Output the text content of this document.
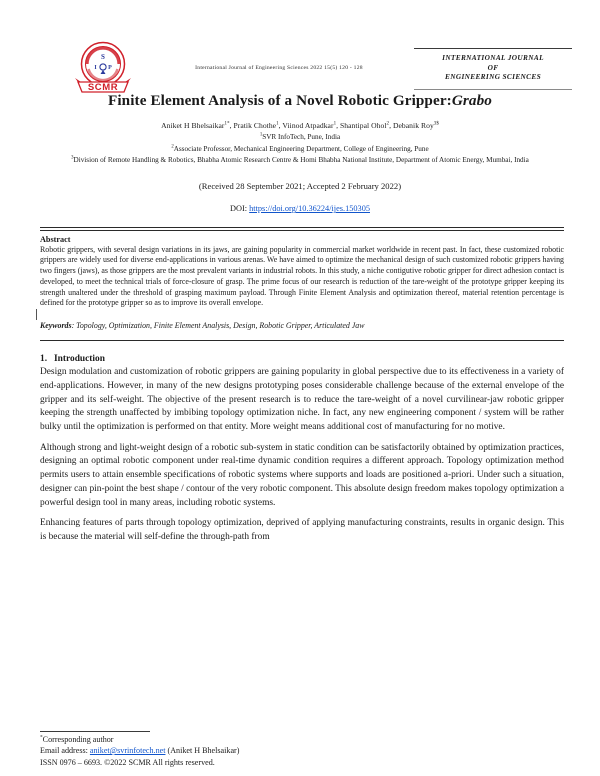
S
I P
SCMR
International Journal of Engineering Sciences 2022 15(5) 120 - 128
INTERNATIONAL JOURNAL
OF
ENGINEERING SCIENCES
Finite Element Analysis of a Novel Robotic Gripper:Grabo
Aniket H Bhelsaikar$^{1*}$, Pratik Chothe$^1$, Viinod Atpadkar$^1$, Shantipal Ohol$^2$, Debanik Roy$^{3\$}$
$^1$SVR InfoTech, Pune, India
$^2$Associate Professor, Mechanical Engineering Department, College of Engineering, Pune
$^3$Division of Remote Handling & Robotics, Bhabha Atomic Research Centre & Homi Bhabha National Institute, Department of Atomic Energy, Mumbai, India
(Received 28 September 2021; Accepted 2 February 2022)
DOI: https://doi.org/10.36224/ijes.150305
Abstract
Robotic grippers, with several design variations in its jaws, are gaining popularity in commercial market worldwide in recent past. In fact, these customized robotic grippers are widely used for diverse end-applications in various arenas. We have aimed to optimize the mechanical design of such customized robotic grippers having two fingers (jaws), as those grippers are the most prevalent variants in industrial robots. In this study, a niche contigutive robotic gripper for direct adhesion contact is developed, to meet the technical trials of force-closure of grasp. The prime focus of our research is reduction of the tare-weight of the prototype gripper keeping its strength unaltered under the threshold of grasping maximum payload. Through Finite Element Analysis and optimization thereof, material retention percentage is defined for the prototype gripper so as to improve its overall envelope.
Keywords: Topology, Optimization, Finite Element Analysis, Design, Robotic Gripper, Articulated Jaw
1. Introduction

Design modulation and customization of robotic grippers are gaining popularity in global perspective due to its effectiveness in a variety of end-applications. However, in many of the new designs prototyping poses considerable challenge because of the external envelope of the gripper and its self-weight. The objective of the present research is to reduce the tare-weight of a novel curvilinear-jaw robotic gripper keeping the strength unaffected by imbibing topology optimization niche. In fact, any new engineering component / system will be rather bulky until the optimization is performed on that entity. More weight means additional cost of manufacturing for no motive.

Although strong and light-weight design of a robotic sub-system in static condition can be satisfactorily obtained by optimization practices, designing an optimal robotic component under real-time dynamic condition requires a different approach. Topology optimization method permits users to attain ensemble specifications of robotic systems where supports and loads are positioned a-priori. Under such a situation, designer can pin-point the best shape / contour of the very robotic component. This absolute design freedom makes topology optimization a powerful design tool in many areas, including robotic systems.

Enhancing features of parts through topology optimization, deprived of applying manufacturing constraints, results in organic design. This is because the material will self-define the through-path from

*Corresponding author
Email address: aniket@svrinfotech.net (Aniket H Bhelsaikar)
ISSN 0976 – 6693. ©2022 SCMR All rights reserved.
